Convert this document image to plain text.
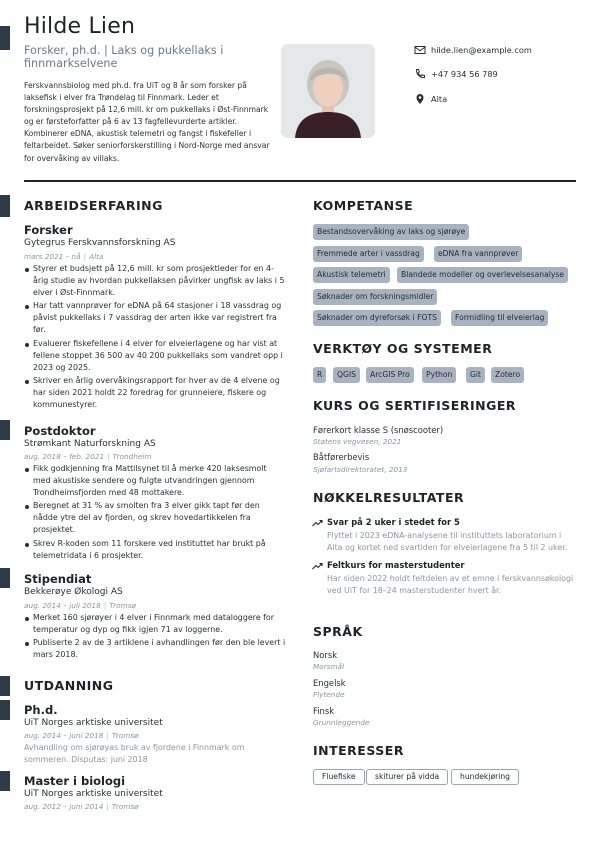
Hilde Lien
Forsker, ph.d. | Laks og pukkellaks i finnmarkselvene
Ferskvannsbiolog med ph.d. fra UiT og 8 år som forsker på laksefisk i elver fra Trøndelag til Finnmark. Leder et forskningsprosjekt på 12,6 mill. kr om pukkellaks i Øst-Finnmark og er førsteforfatter på 6 av 13 fagfellevurderte artikler. Kombinerer eDNA, akustisk telemetri og fangst i fiskefeller i feltarbeidet. Søker seniorforskerstilling i Nord-Norge med ansvar for overvåking av villaks.
hilde.lien@example.com
+47 934 56 789
Alta
ARBEIDSERFARING
Forsker
Gytegrus Ferskvannsforskning AS
mars 2021 – nå | Alta
Styrer et budsjett på 12,6 mill. kr som prosjektleder for en 4-årig studie av hvordan pukkellaksen påvirker ungfisk av laks i 5 elver i Øst-Finnmark.
Har tatt vannprøver for eDNA på 64 stasjoner i 18 vassdrag og påvist pukkellaks i 7 vassdrag der arten ikke var registrert fra før.
Evaluerer fiskefellene i 4 elver for elveierlagene og har vist at fellene stoppet 36 500 av 40 200 pukkellaks som vandret opp i 2023 og 2025.
Skriver en årlig overvåkingsrapport for hver av de 4 elvene og har siden 2021 holdt 22 foredrag for grunneiere, fiskere og kommunestyrer.
Postdoktor
Strømkant Naturforskning AS
aug. 2018 – feb. 2021 | Trondheim
Fikk godkjenning fra Mattilsynet til å merke 420 laksesmolt med akustiske sendere og fulgte utvandringen gjennom Trondheimsfjorden med 48 mottakere.
Beregnet at 31 % av smolten fra 3 elver gikk tapt før den nådde ytre del av fjorden, og skrev hovedartikkelen fra prosjektet.
Skrev R-koden som 11 forskere ved instituttet har brukt på telemetridata i 6 prosjekter.
Stipendiat
Bekkerøye Økologi AS
aug. 2014 – juli 2018 | Tromsø
Merket 160 sjørøyer i 4 elver i Finnmark med dataloggere for temperatur og dyp og fikk igjen 71 av loggerne.
Publiserte 2 av de 3 artiklene i avhandlingen før den ble levert i mars 2018.
UTDANNING
Ph.d.
UiT Norges arktiske universitet
aug. 2014 – juni 2018 | Tromsø
Avhandling om sjørøyas bruk av fjordene i Finnmark om sommeren. Disputas: juni 2018
Master i biologi
UiT Norges arktiske universitet
aug. 2012 – juni 2014 | Tromsø
KOMPETANSE
Bestandsovervåking av laks og sjørøye
Fremmede arter i vassdrag	eDNA fra vannprøver
Akustisk telemetri	Blandede modeller og overlevelsesanalyse
Søknader om forskningsmidler
Søknader om dyreforsøk i FOTS	Formidling til elveierlag
VERKTØY OG SYSTEMER
R	QGIS	ArcGIS Pro	Python	Git	Zotero
KURS OG SERTIFISERINGER
Førerkort klasse S (snøscooter)
Statens vegvesen, 2021
Båtførerbevis
Sjøfartsdirektoratet, 2013
NØKKELRESULTATER
Svar på 2 uker i stedet for 5
Flyttet i 2023 eDNA-analysene til instituttets laboratorium i Alta og kortet ned svartiden for elveierlagene fra 5 til 2 uker.
Feltkurs for masterstudenter
Har siden 2022 holdt feltdelen av et emne i ferskvannsøkologi ved UiT for 18–24 masterstudenter hvert år.
SPRÅK
Norsk
Morsmål
Engelsk
Flytende
Finsk
Grunnleggende
INTERESSER
Fluefiske	skiturer på vidda	hundekjøring
